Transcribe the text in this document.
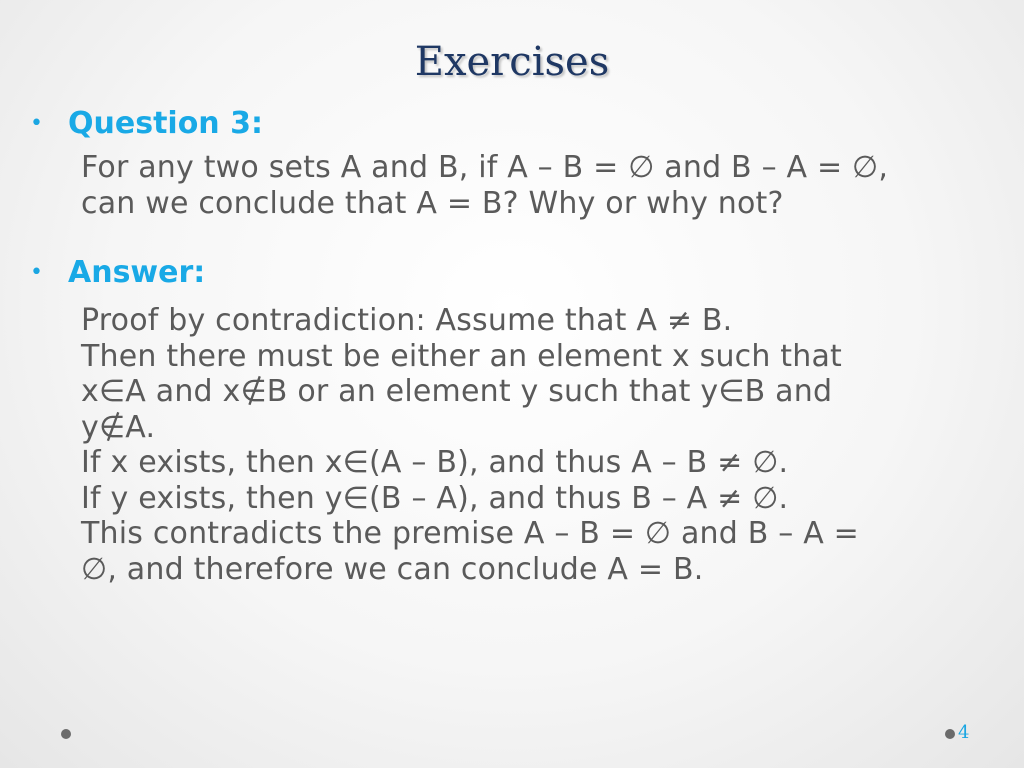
Exercises
• Question 3:
For any two sets A and B, if A – B = ∅ and B – A = ∅,
can we conclude that A = B? Why or why not?
• Answer:
Proof by contradiction: Assume that A ≠ B.
Then there must be either an element x such that
x∈A and x∉B or an element y such that y∈B and
y∉A.
If x exists, then x∈(A – B), and thus A – B ≠ ∅.
If y exists, then y∈(B – A), and thus B – A ≠ ∅.
This contradicts the premise A – B = ∅ and B – A =
∅, and therefore we can conclude A = B.
4
